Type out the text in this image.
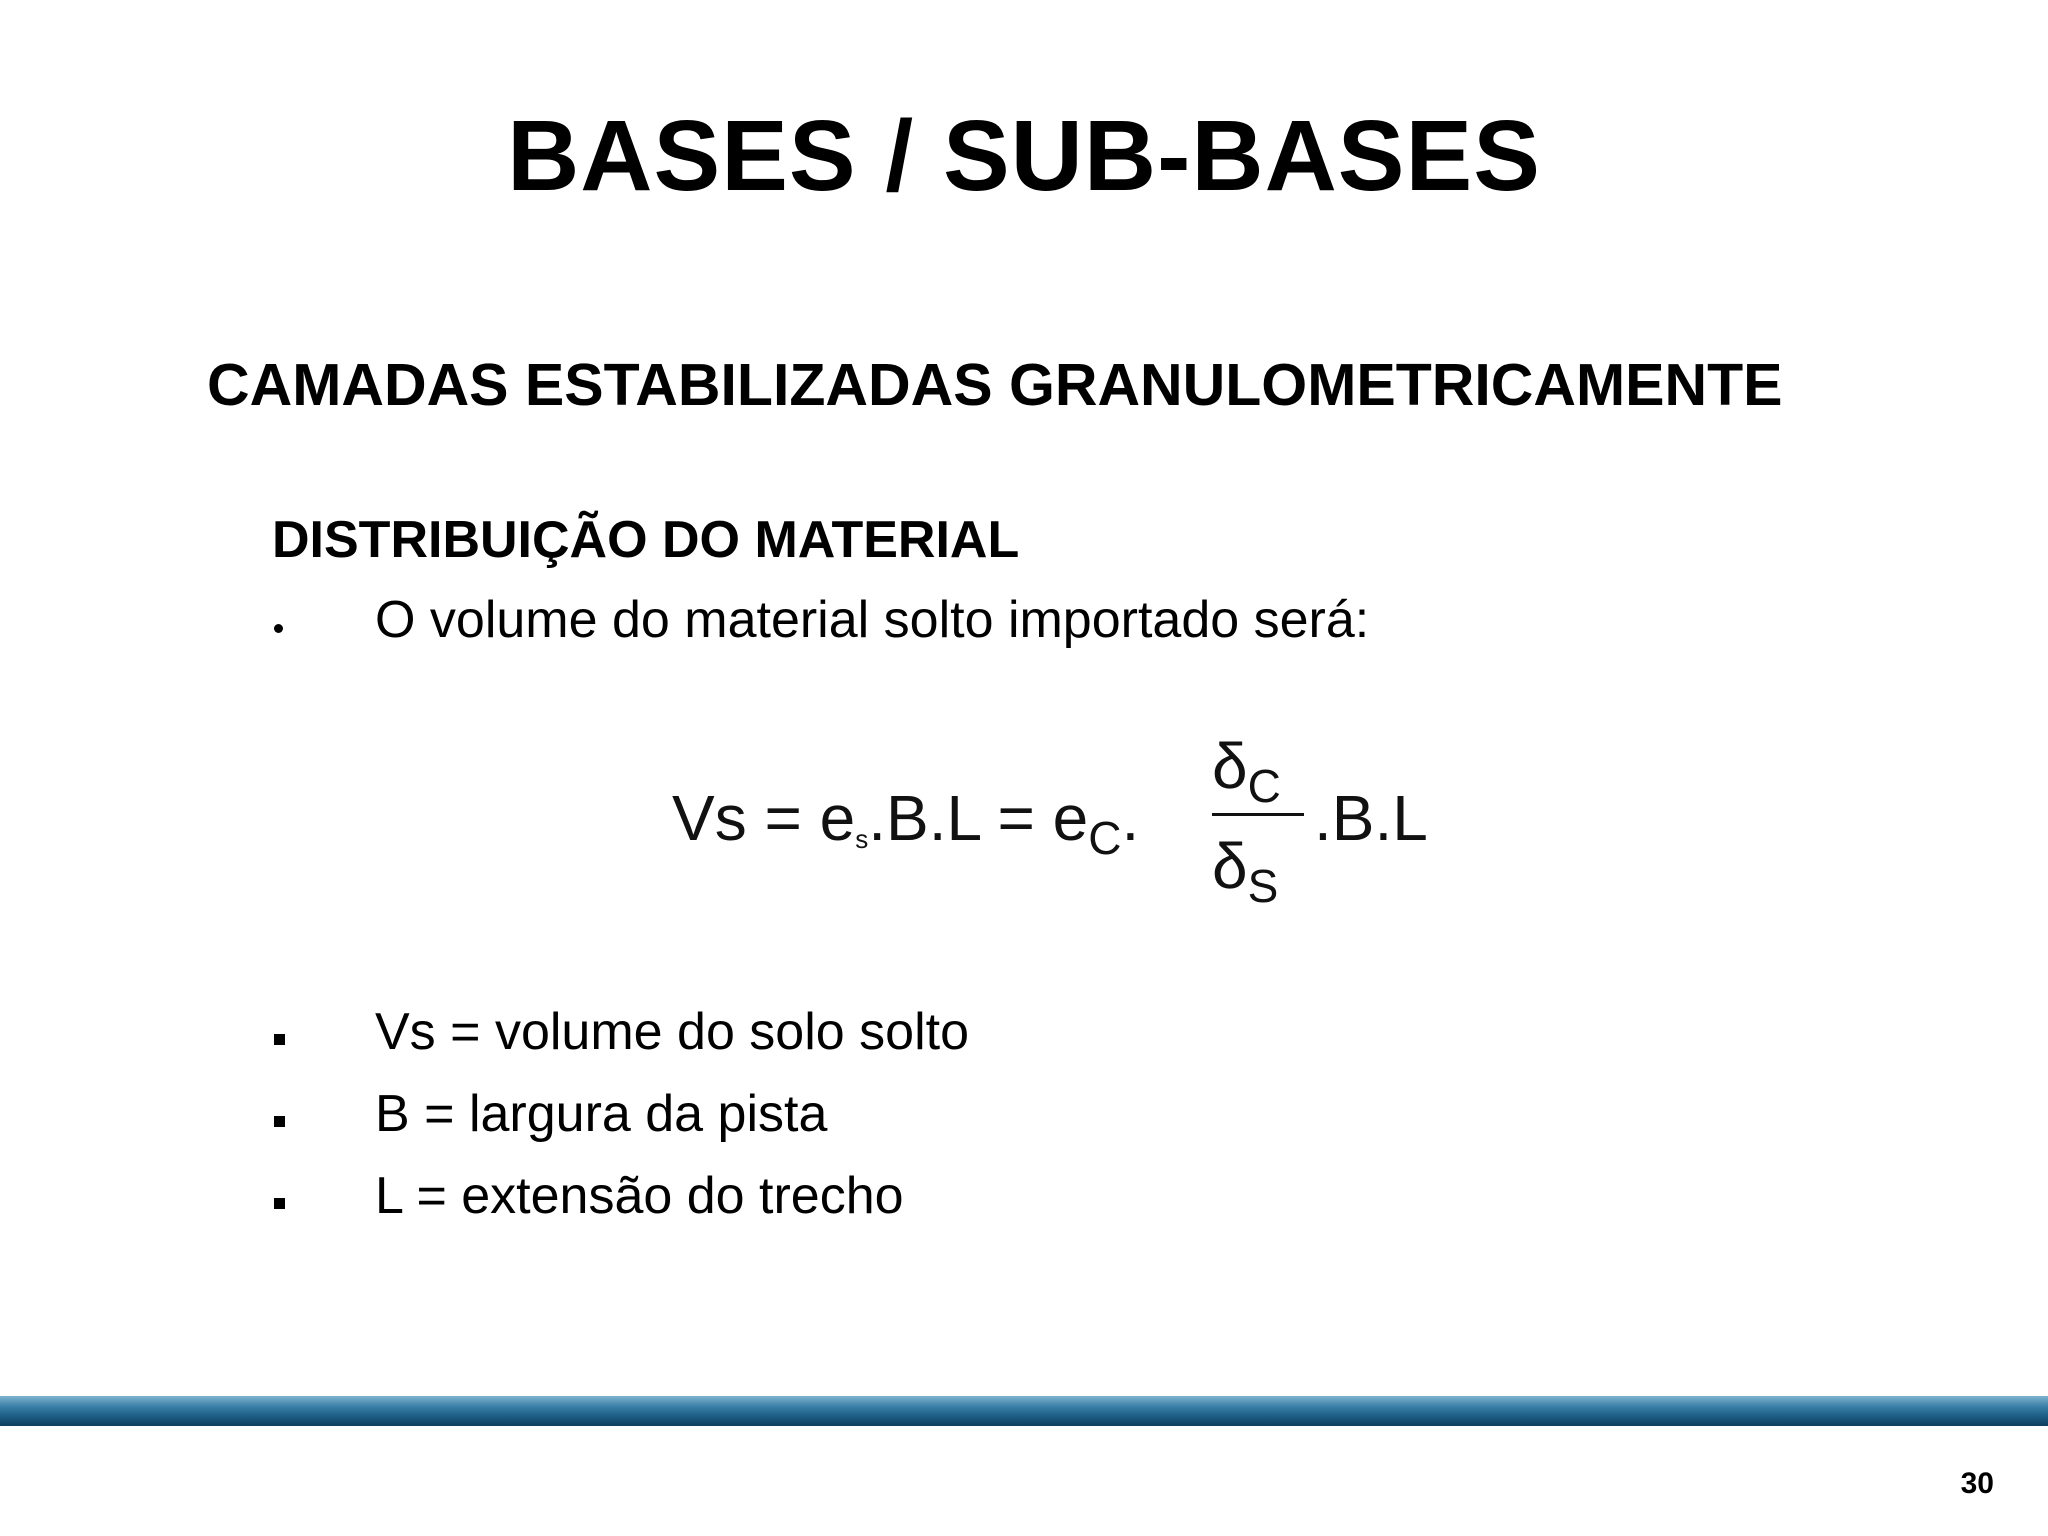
BASES / SUB-BASES
CAMADAS ESTABILIZADAS GRANULOMETRICAMENTE
DISTRIBUIÇÃO DO MATERIAL
O volume do material solto importado será:
$Vs = es.B.L = e_C$.
$\delta_C$
$\delta_S$
.B.L
Vs = volume do solo solto
B = largura da pista
L = extensão do trecho
30
